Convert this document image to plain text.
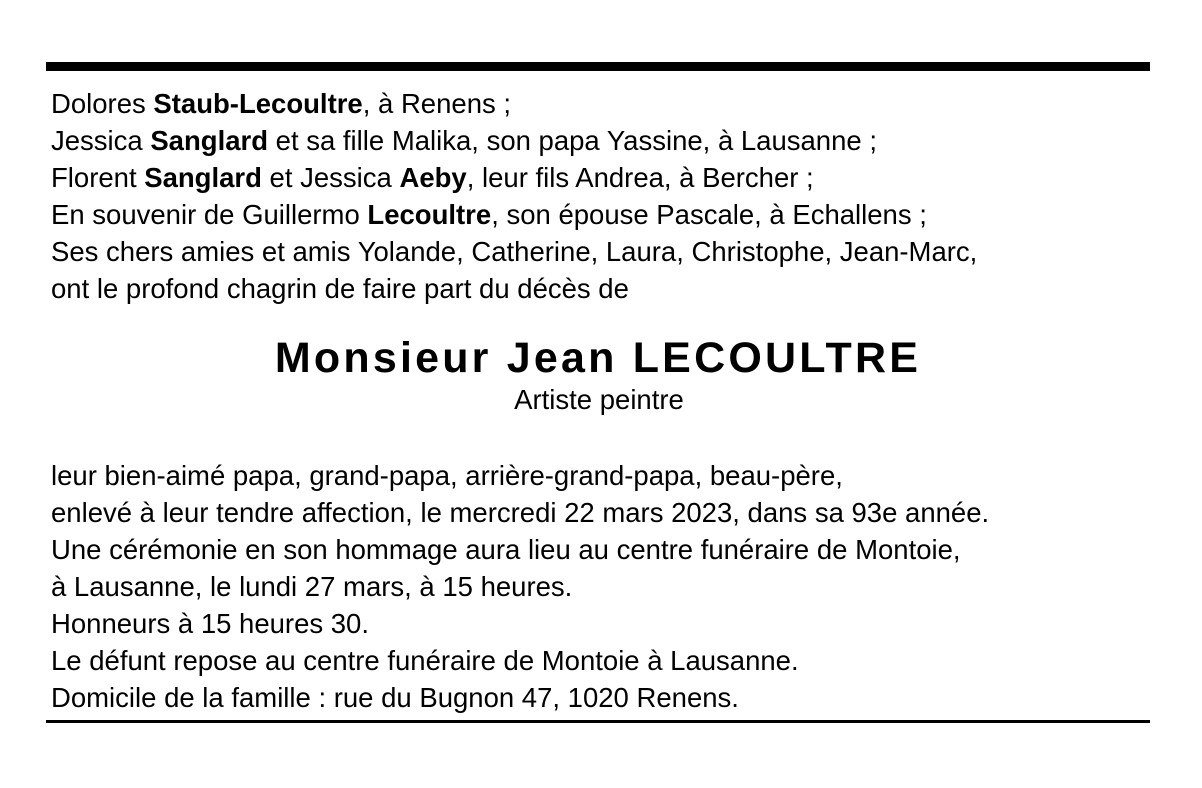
Dolores Staub-Lecoultre, à Renens ;
Jessica Sanglard et sa fille Malika, son papa Yassine, à Lausanne ;
Florent Sanglard et Jessica Aeby, leur fils Andrea, à Bercher ;
En souvenir de Guillermo Lecoultre, son épouse Pascale, à Echallens ;
Ses chers amies et amis Yolande, Catherine, Laura, Christophe, Jean-Marc,
ont le profond chagrin de faire part du décès de
Monsieur Jean LECOULTRE
Artiste peintre
leur bien-aimé papa, grand-papa, arrière-grand-papa, beau-père,
enlevé à leur tendre affection, le mercredi 22 mars 2023, dans sa 93e année.
Une cérémonie en son hommage aura lieu au centre funéraire de Montoie,
à Lausanne, le lundi 27 mars, à 15 heures.
Honneurs à 15 heures 30.
Le défunt repose au centre funéraire de Montoie à Lausanne.
Domicile de la famille : rue du Bugnon 47, 1020 Renens.
